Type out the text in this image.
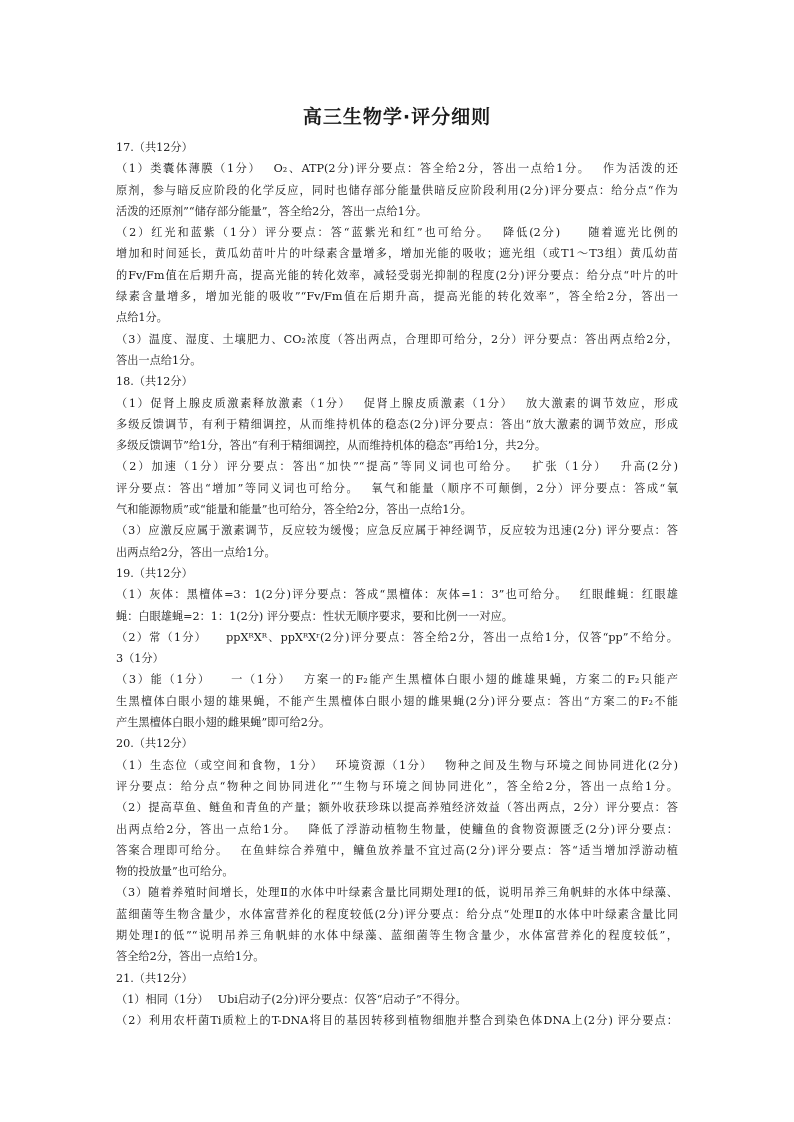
高三生物学·评分细则
17.（共12分）
（1）类囊体薄膜（1分）　 O₂、ATP(2分)评分要点：答全给2分，答出一点给1分。　 作为活泼的还
原剂，参与暗反应阶段的化学反应，同时也储存部分能量供暗反应阶段利用(2分)评分要点：给分点“作为
活泼的还原剂”“储存部分能量”，答全给2分，答出一点给1分。
（2）红光和蓝紫（1分）评分要点：答“蓝紫光和红”也可给分。　 降低(2分)　　随着遮光比例的
增加和时间延长，黄瓜幼苗叶片的叶绿素含量增多，增加光能的吸收；遮光组（或T1～T3组）黄瓜幼苗
的Fv/Fm值在后期升高，提高光能的转化效率，减轻受弱光抑制的程度(2分)评分要点：给分点“叶片的叶
绿素含量增多，增加光能的吸收”“Fv/Fm值在后期升高，提高光能的转化效率”，答全给2分，答出一
点给1分。
（3）温度、湿度、土壤肥力、CO₂浓度（答出两点，合理即可给分，2分）评分要点：答出两点给2分，
答出一点给1分。
18.（共12分）
（1）促肾上腺皮质激素释放激素（1分）　 促肾上腺皮质激素（1分）　 放大激素的调节效应，形成
多级反馈调节，有利于精细调控，从而维持机体的稳态(2分)评分要点：答出“放大激素的调节效应，形成
多级反馈调节”给1分，答出“有利于精细调控，从而维持机体的稳态”再给1分，共2分。
（2）加速（1分）评分要点：答出“加快”“提高”等同义词也可给分。　 扩张（1分）　 升高(2分)
评分要点：答出“增加”等同义词也可给分。　 氧气和能量（顺序不可颠倒，2分）评分要点：答成“氧
气和能源物质”或“能量和能量”也可给分，答全给2分，答出一点给1分。
（3）应激反应属于激素调节，反应较为缓慢；应急反应属于神经调节，反应较为迅速(2分) 评分要点：答
出两点给2分，答出一点给1分。
19.（共12分）
（1）灰体：黑檀体=3：1(2分)评分要点：答成“黑檀体：灰体=1：3”也可给分。　 红眼雌蝇：红眼雄
蝇：白眼雄蝇=2：1：1(2分) 评分要点：性状无顺序要求，要和比例一一对应。
（2）常（1分）　　ppXᴿXᴿ、ppXᴿXʳ(2分)评分要点：答全给2分，答出一点给1分，仅答“pp”不给分。
3（1分）
（3）能（1分）　　一（1分）　 方案一的F₂能产生黑檀体白眼小翅的雌雄果蝇，方案二的F₂只能产
生黑檀体白眼小翅的雄果蝇，不能产生黑檀体白眼小翅的雌果蝇(2分)评分要点：答出“方案二的F₂不能
产生黑檀体白眼小翅的雌果蝇”即可给2分。
20.（共12分）
（1）生态位（或空间和食物，1分）　 环境资源（1分）　 物种之间及生物与环境之间协同进化(2分)
评分要点：给分点“物种之间协同进化”“生物与环境之间协同进化”，答全给2分，答出一点给1分。
（2）提高草鱼、鲢鱼和青鱼的产量；额外收获珍珠以提高养殖经济效益（答出两点，2分）评分要点：答
出两点给2分，答出一点给1分。　 降低了浮游动植物生物量，使鳙鱼的食物资源匮乏(2分)评分要点：
答案合理即可给分。　 在鱼蚌综合养殖中，鳙鱼放养量不宜过高(2分)评分要点：答“适当增加浮游动植
物的投放量”也可给分。
（3）随着养殖时间增长，处理Ⅱ的水体中叶绿素含量比同期处理Ⅰ的低，说明吊养三角帆蚌的水体中绿藻、
蓝细菌等生物含量少，水体富营养化的程度较低(2分)评分要点：给分点“处理Ⅱ的水体中叶绿素含量比同
期处理Ⅰ的低”“说明吊养三角帆蚌的水体中绿藻、蓝细菌等生物含量少，水体富营养化的程度较低”，
答全给2分，答出一点给1分。
21.（共12分）
（1）相同（1分）　 Ubi启动子(2分)评分要点：仅答“启动子”不得分。
（2）利用农杆菌Ti质粒上的T-DNA将目的基因转移到植物细胞并整合到染色体DNA上(2分) 评分要点：
